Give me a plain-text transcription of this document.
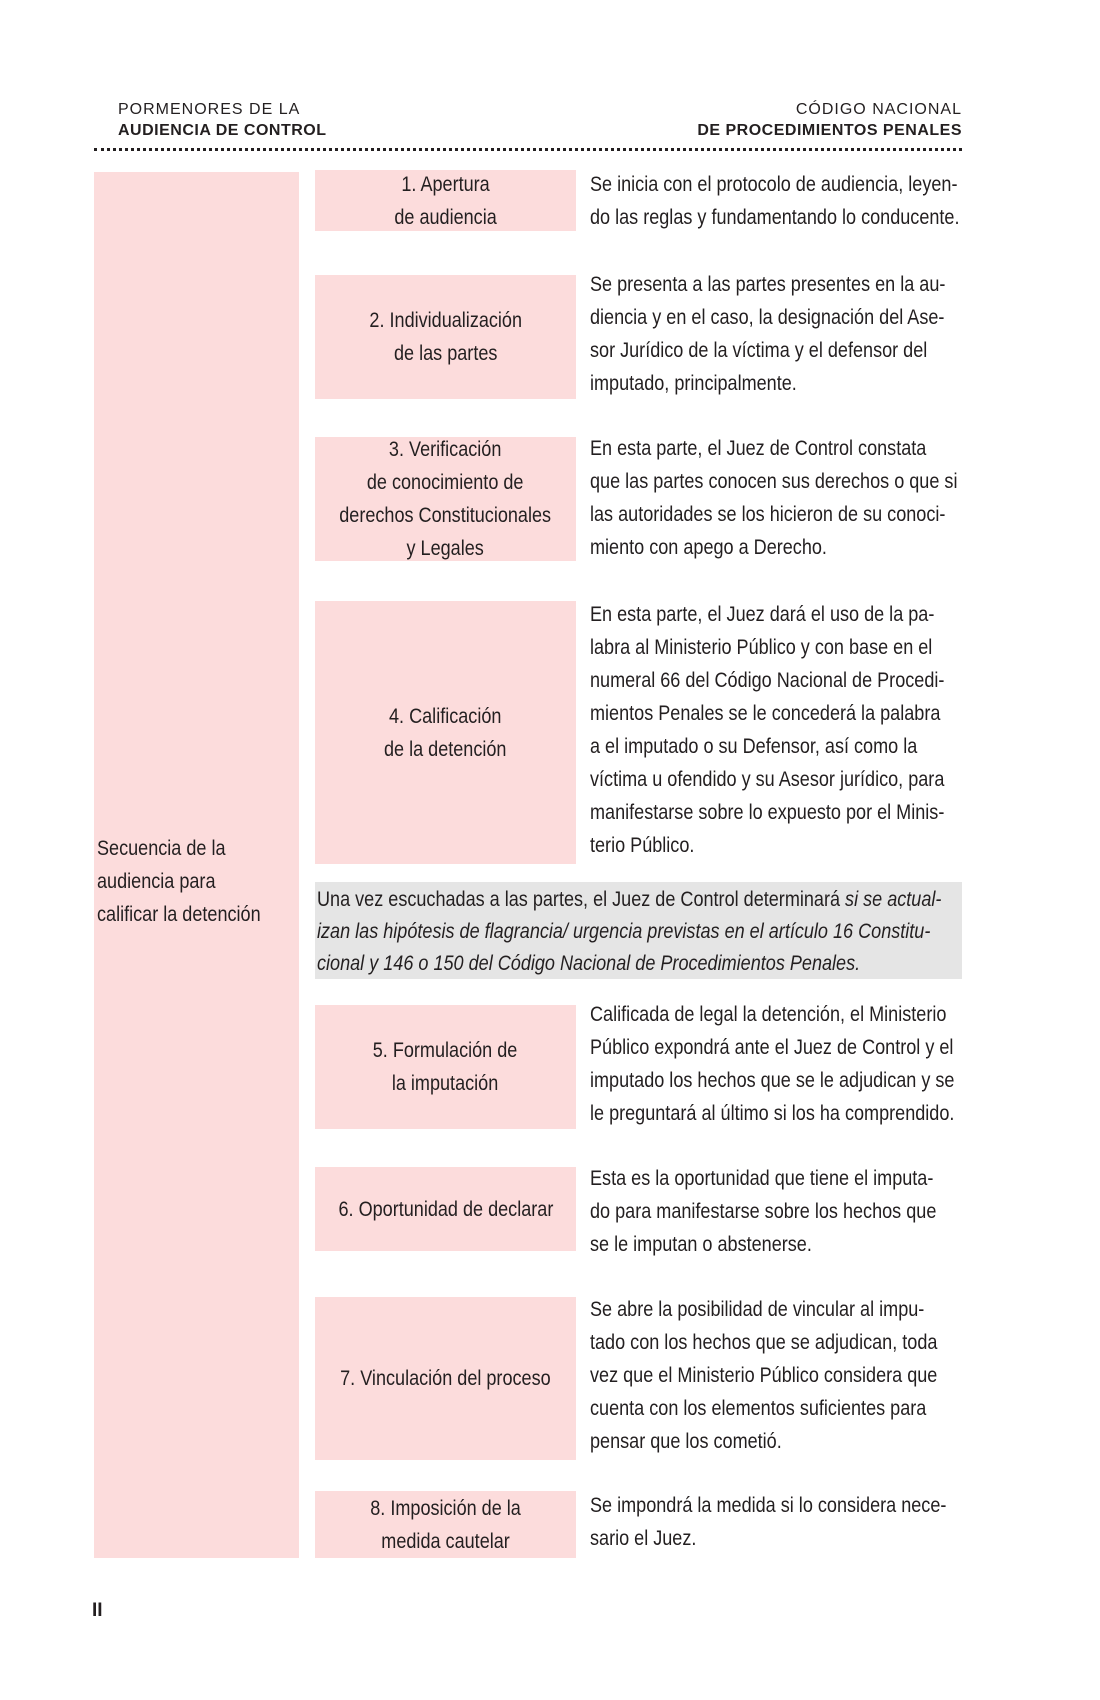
PORMENORES DE LA
AUDIENCIA DE CONTROL
CÓDIGO NACIONAL
DE PROCEDIMIENTOS PENALES
Secuencia de la
audiencia para
calificar la detención
1. Apertura
de audiencia
Se inicia con el protocolo de audiencia, leyen-
do las reglas y fundamentando lo conducente.
2. Individualización
de las partes
Se presenta a las partes presentes en la au-
diencia y en el caso, la designación del Ase-
sor Jurídico de la víctima y el defensor del
imputado, principalmente.
3. Verificación
de conocimiento de
derechos Constitucionales
y Legales
En esta parte, el Juez de Control constata
que las partes conocen sus derechos o que si
las autoridades se los hicieron de su conoci-
miento con apego a Derecho.
4. Calificación
de la detención
En esta parte, el Juez dará el uso de la pa-
labra al Ministerio Público y con base en el
numeral 66 del Código Nacional de Procedi-
mientos Penales se le concederá la palabra
a el imputado o su Defensor, así como la
víctima u ofendido y su Asesor jurídico, para
manifestarse sobre lo expuesto por el Minis-
terio Público.
Una vez escuchadas a las partes, el Juez de Control determinará si se actual-
izan las hipótesis de flagrancia/ urgencia previstas en el artículo 16 Constitu-
cional y 146 o 150 del Código Nacional de Procedimientos Penales.
5. Formulación de
la imputación
Calificada de legal la detención, el Ministerio
Público expondrá ante el Juez de Control y el
imputado los hechos que se le adjudican y se
le preguntará al último si los ha comprendido.
6. Oportunidad de declarar
Esta es la oportunidad que tiene el imputa-
do para manifestarse sobre los hechos que
se le imputan o abstenerse.
7. Vinculación del proceso
Se abre la posibilidad de vincular al impu-
tado con los hechos que se adjudican, toda
vez que el Ministerio Público considera que
cuenta con los elementos suficientes para
pensar que los cometió.
8. Imposición de la
medida cautelar
Se impondrá la medida si lo considera nece-
sario el Juez.
II
